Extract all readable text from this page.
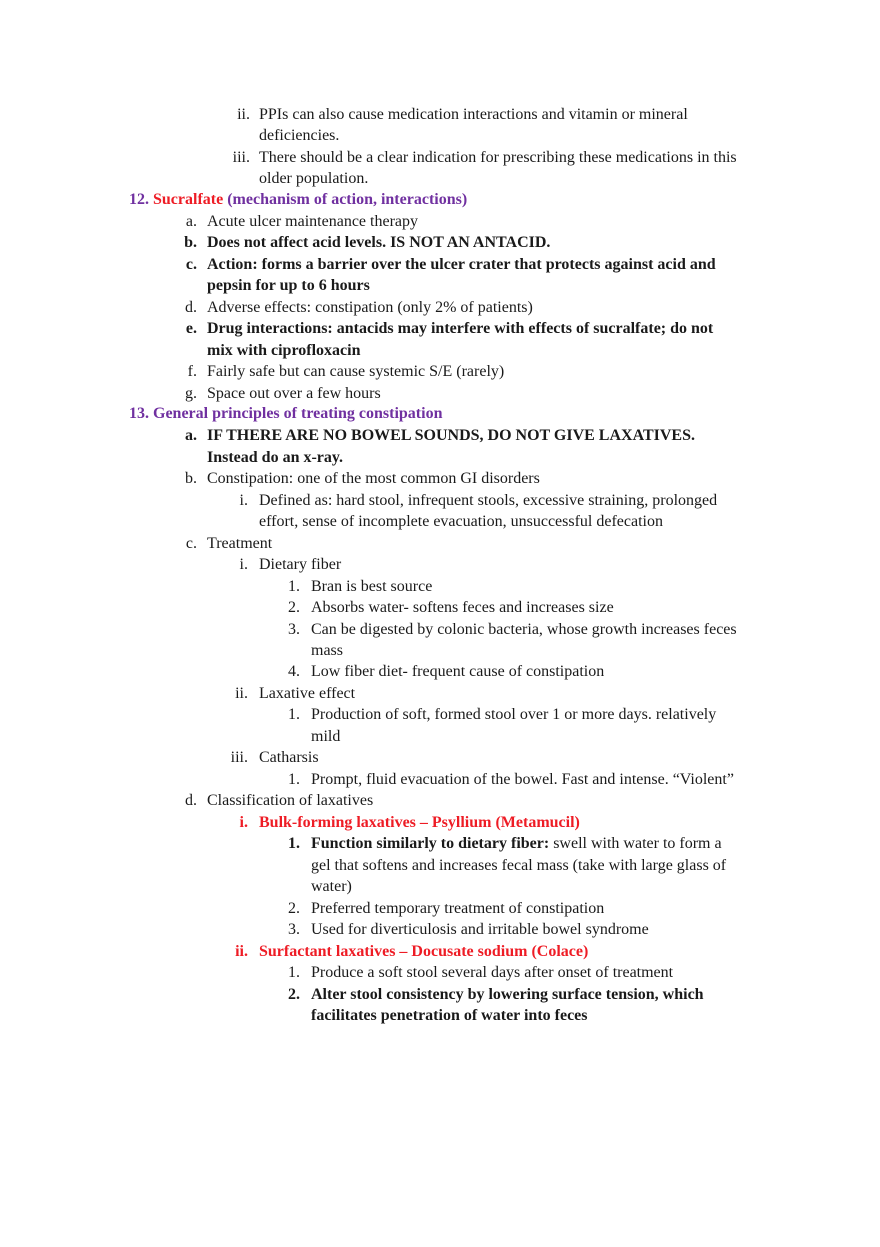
ii. PPIs can also cause medication interactions and vitamin or mineral
deficiencies.
iii. There should be a clear indication for prescribing these medications in this
older population.
12. Sucralfate (mechanism of action, interactions)
a. Acute ulcer maintenance therapy
b. Does not affect acid levels. IS NOT AN ANTACID.
c. Action: forms a barrier over the ulcer crater that protects against acid and
pepsin for up to 6 hours
d. Adverse effects: constipation (only 2% of patients)
e. Drug interactions: antacids may interfere with effects of sucralfate; do not
mix with ciprofloxacin
f. Fairly safe but can cause systemic S/E (rarely)
g. Space out over a few hours
13. General principles of treating constipation
a. IF THERE ARE NO BOWEL SOUNDS, DO NOT GIVE LAXATIVES.
Instead do an x-ray.
b. Constipation: one of the most common GI disorders
i. Defined as: hard stool, infrequent stools, excessive straining, prolonged
effort, sense of incomplete evacuation, unsuccessful defecation
c. Treatment
i. Dietary fiber
1. Bran is best source
2. Absorbs water- softens feces and increases size
3. Can be digested by colonic bacteria, whose growth increases feces
mass
4. Low fiber diet- frequent cause of constipation
ii. Laxative effect
1. Production of soft, formed stool over 1 or more days. relatively
mild
iii. Catharsis
1. Prompt, fluid evacuation of the bowel. Fast and intense. “Violent”
d. Classification of laxatives
i. Bulk-forming laxatives – Psyllium (Metamucil)
1. Function similarly to dietary fiber: swell with water to form a
gel that softens and increases fecal mass (take with large glass of
water)
2. Preferred temporary treatment of constipation
3. Used for diverticulosis and irritable bowel syndrome
ii. Surfactant laxatives – Docusate sodium (Colace)
1. Produce a soft stool several days after onset of treatment
2. Alter stool consistency by lowering surface tension, which
facilitates penetration of water into feces
